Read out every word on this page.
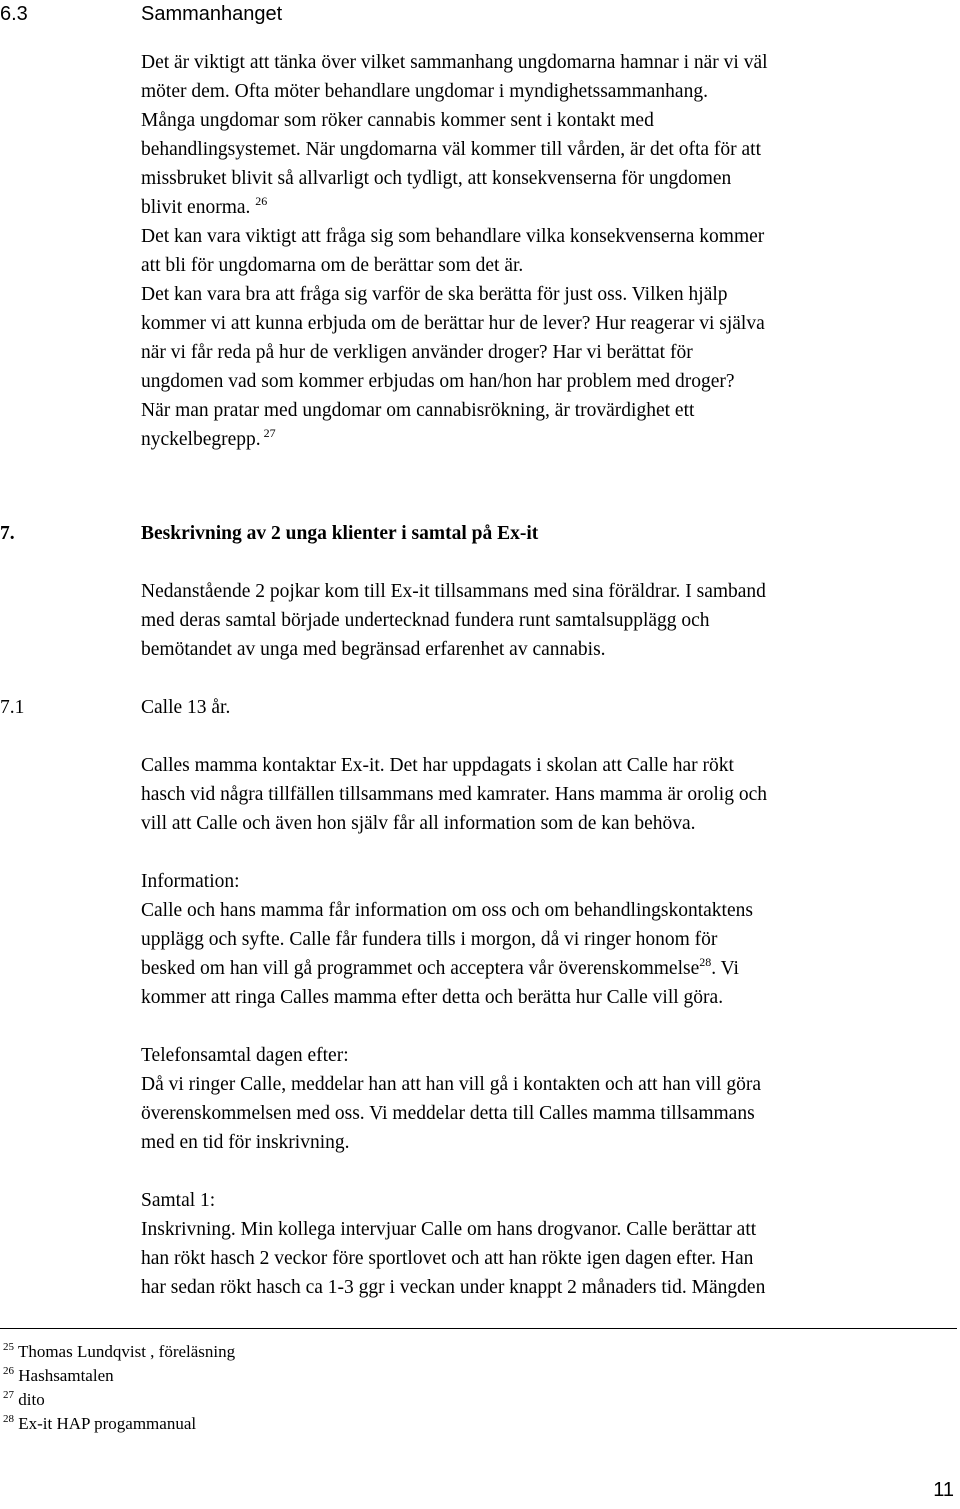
6.3	Sammanhanget
Det är viktigt att tänka över vilket sammanhang ungdomarna hamnar i när vi väl
möter dem. Ofta möter behandlare ungdomar i myndighetssammanhang.
Många ungdomar som röker cannabis kommer sent i kontakt med
behandlingsystemet. När ungdomarna väl kommer till vården, är det ofta för att
missbruket blivit så allvarligt och tydligt, att konsekvenserna för ungdomen
blivit enorma. $^{26}$
Det kan vara viktigt att fråga sig som behandlare vilka konsekvenserna kommer
att bli för ungdomarna om de berättar som det är.
Det kan vara bra att fråga sig varför de ska berätta för just oss. Vilken hjälp
kommer vi att kunna erbjuda om de berättar hur de lever? Hur reagerar vi själva
när vi får reda på hur de verkligen använder droger? Har vi berättat för
ungdomen vad som kommer erbjudas om han/hon har problem med droger?
När man pratar med ungdomar om cannabisrökning, är trovärdighet ett
nyckelbegrepp. $^{27}$
7.	Beskrivning av 2 unga klienter i samtal på Ex-it
Nedanstående 2 pojkar kom till Ex-it tillsammans med sina föräldrar. I samband
med deras samtal började undertecknad fundera runt samtalsupplägg och
bemötandet av unga med begränsad erfarenhet av cannabis.
7.1	Calle 13 år.
Calles mamma kontaktar Ex-it. Det har uppdagats i skolan att Calle har rökt
hasch vid några tillfällen tillsammans med kamrater. Hans mamma är orolig och
vill att Calle och även hon själv får all information som de kan behöva.
Information:
Calle och hans mamma får information om oss och om behandlingskontaktens
upplägg och syfte. Calle får fundera tills i morgon, då vi ringer honom för
besked om han vill gå programmet och acceptera vår överenskommelse$^{28}$. Vi
kommer att ringa Calles mamma efter detta och berätta hur Calle vill göra.
Telefonsamtal dagen efter:
Då vi ringer Calle, meddelar han att han vill gå i kontakten och att han vill göra
överenskommelsen med oss. Vi meddelar detta till Calles mamma tillsammans
med en tid för inskrivning.
Samtal 1:
Inskrivning. Min kollega intervjuar Calle om hans drogvanor. Calle berättar att
han rökt hasch 2 veckor före sportlovet och att han rökte igen dagen efter. Han
har sedan rökt hasch ca 1-3 ggr i veckan under knappt 2 månaders tid. Mängden
$^{25}$ Thomas Lundqvist , föreläsning
$^{26}$ Hashsamtalen
$^{27}$ dito
$^{28}$ Ex-it HAP progammanual
11
